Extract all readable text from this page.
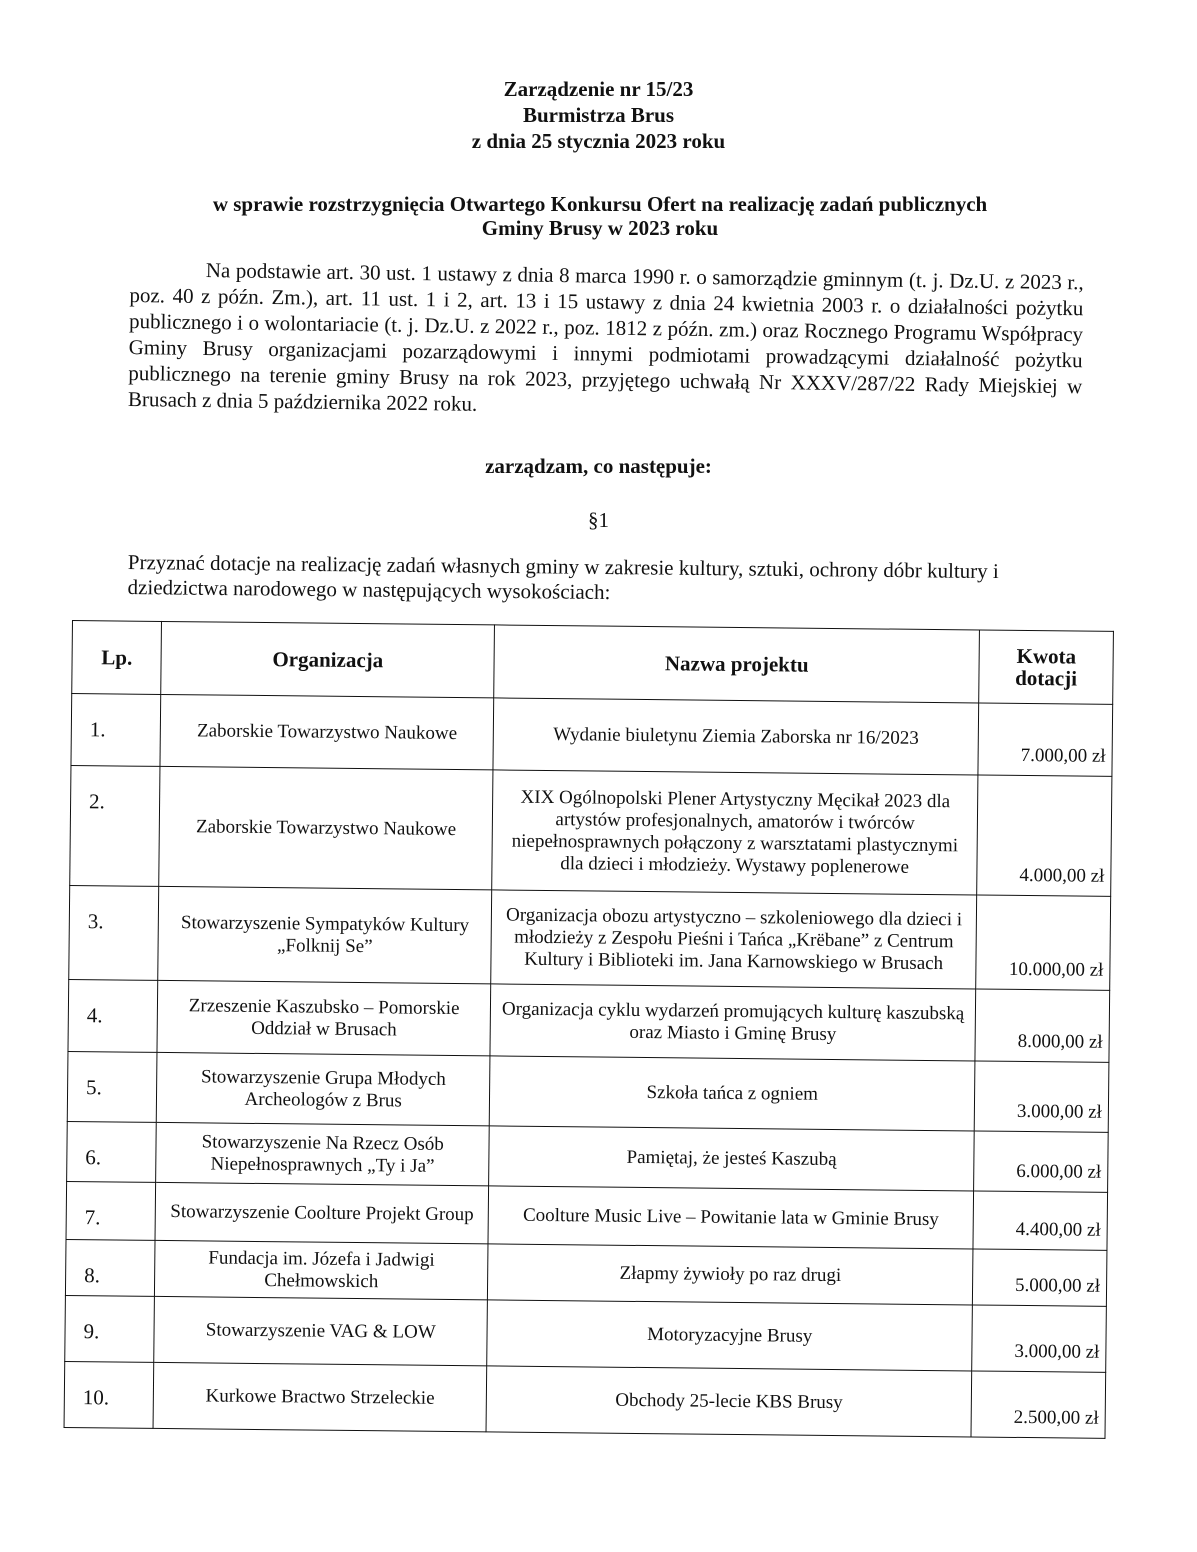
Zarządzenie nr 15/23
Burmistrza Brus
z dnia 25 stycznia 2023 roku
w sprawie rozstrzygnięcia Otwartego Konkursu Ofert na realizację zadań publicznych
Gminy Brusy w 2023 roku
Na podstawie art. 30 ust. 1 ustawy z dnia 8 marca 1990 r. o samorządzie gminnym (t. j. Dz.U. z 2023 r., poz. 40 z późn. Zm.), art. 11 ust. 1 i 2, art. 13 i 15 ustawy z dnia 24 kwietnia 2003 r. o działalności pożytku publicznego i o wolontariacie (t. j. Dz.U. z 2022 r., poz. 1812 z późn. zm.) oraz Rocznego Programu Współpracy Gminy Brusy organizacjami pozarządowymi i innymi podmiotami prowadzącymi działalność pożytku publicznego na terenie gminy Brusy na rok 2023, przyjętego uchwałą Nr XXXV/287/22 Rady Miejskiej w Brusach z dnia 5 października 2022 roku.
zarządzam, co następuje:
§1
Przyznać dotacje na realizację zadań własnych gminy w zakresie kultury, sztuki, ochrony dóbr kultury i dziedzictwa narodowego w następujących wysokościach:
Lp.	Organizacja	Nazwa projektu	Kwota dotacji
1.	Zaborskie Towarzystwo Naukowe	Wydanie biuletynu Ziemia Zaborska nr 16/2023	7.000,00 zł
2.	Zaborskie Towarzystwo Naukowe	XIX Ogólnopolski Plener Artystyczny Męcikał 2023 dla artystów profesjonalnych, amatorów i twórców niepełnosprawnych połączony z warsztatami plastycznymi dla dzieci i młodzieży. Wystawy poplenerowe	4.000,00 zł
3.	Stowarzyszenie Sympatyków Kultury „Folknij Se”	Organizacja obozu artystyczno – szkoleniowego dla dzieci i młodzieży z Zespołu Pieśni i Tańca „Krëbane” z Centrum Kultury i Biblioteki im. Jana Karnowskiego w Brusach	10.000,00 zł
4.	Zrzeszenie Kaszubsko – Pomorskie Oddział w Brusach	Organizacja cyklu wydarzeń promujących kulturę kaszubską oraz Miasto i Gminę Brusy	8.000,00 zł
5.	Stowarzyszenie Grupa Młodych Archeologów z Brus	Szkoła tańca z ogniem	3.000,00 zł
6.	Stowarzyszenie Na Rzecz Osób Niepełnosprawnych „Ty i Ja”	Pamiętaj, że jesteś Kaszubą	6.000,00 zł
7.	Stowarzyszenie Coolture Projekt Group	Coolture Music Live – Powitanie lata w Gminie Brusy	4.400,00 zł
8.	Fundacja im. Józefa i Jadwigi Chełmowskich	Złapmy żywioły po raz drugi	5.000,00 zł
9.	Stowarzyszenie VAG & LOW	Motoryzacyjne Brusy	3.000,00 zł
10.	Kurkowe Bractwo Strzeleckie	Obchody 25-lecie KBS Brusy	2.500,00 zł
